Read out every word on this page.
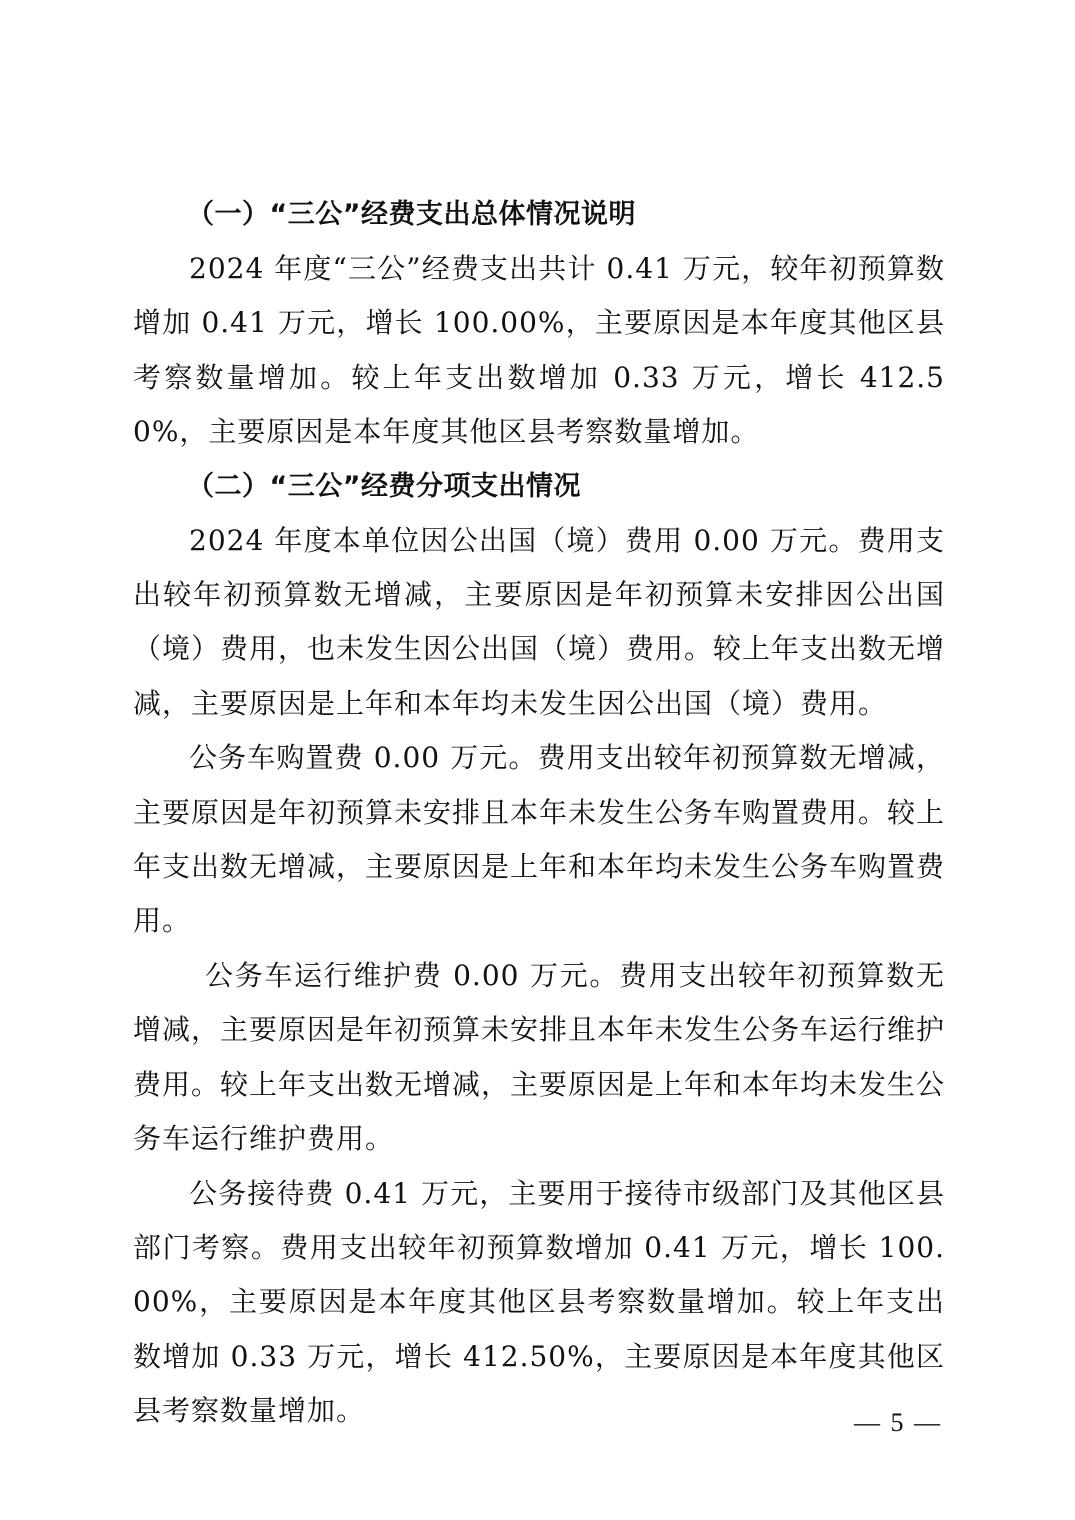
（一）“三公”经费支出总体情况说明

2024 年度“三公”经费支出共计 0.41 万元，较年初预算数增加 0.41 万元，增长 100.00%，主要原因是本年度其他区县考察数量增加。较上年支出数增加 0.33 万元，增长 412.50%，主要原因是本年度其他区县考察数量增加。

（二）“三公”经费分项支出情况

2024 年度本单位因公出国（境）费用 0.00 万元。费用支出较年初预算数无增减，主要原因是年初预算未安排因公出国（境）费用，也未发生因公出国（境）费用。较上年支出数无增减，主要原因是上年和本年均未发生因公出国（境）费用。

公务车购置费 0.00 万元。费用支出较年初预算数无增减，主要原因是年初预算未安排且本年未发生公务车购置费用。较上年支出数无增减，主要原因是上年和本年均未发生公务车购置费用。

公务车运行维护费 0.00 万元。费用支出较年初预算数无增减，主要原因是年初预算未安排且本年未发生公务车运行维护费用。较上年支出数无增减，主要原因是上年和本年均未发生公务车运行维护费用。

公务接待费 0.41 万元，主要用于接待市级部门及其他区县部门考察。费用支出较年初预算数增加 0.41 万元，增长 100.00%，主要原因是本年度其他区县考察数量增加。较上年支出数增加 0.33 万元，增长 412.50%，主要原因是本年度其他区县考察数量增加。	— 5 —
